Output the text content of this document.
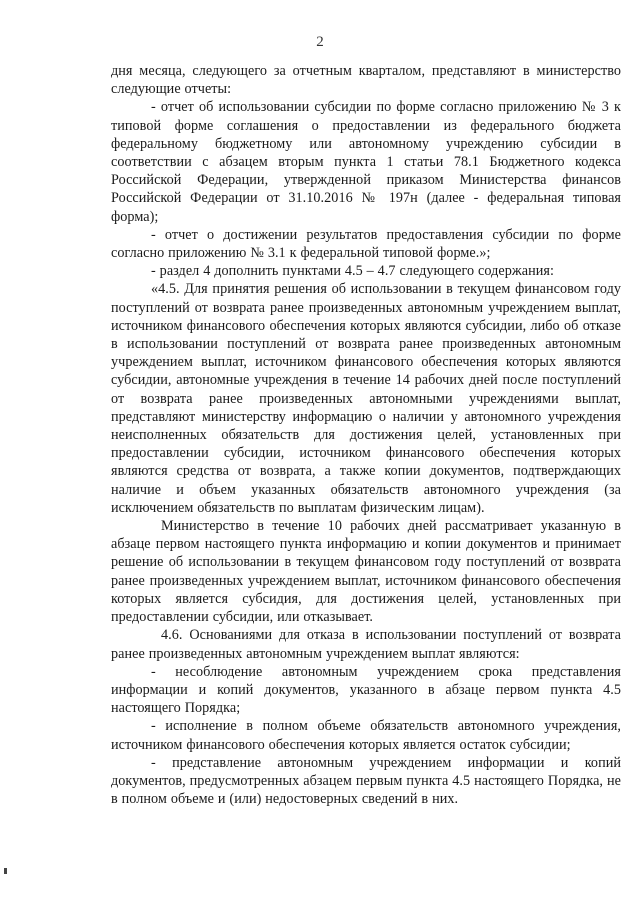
2

дня месяца, следующего за отчетным кварталом, представляют в министерство следующие отчеты:

- отчет об использовании субсидии по форме согласно приложению № 3 к типовой форме соглашения о предоставлении из федерального бюджета федеральному бюджетному или автономному учреждению субсидии в соответствии с абзацем вторым пункта 1 статьи 78.1 Бюджетного кодекса Российской Федерации, утвержденной приказом Министерства финансов Российской Федерации от 31.10.2016 № 197н (далее - федеральная типовая форма);

- отчет о достижении результатов предоставления субсидии по форме согласно приложению № 3.1 к федеральной типовой форме.»;

- раздел 4 дополнить пунктами 4.5 – 4.7 следующего содержания:

«4.5. Для принятия решения об использовании в текущем финансовом году поступлений от возврата ранее произведенных автономным учреждением выплат, источником финансового обеспечения которых являются субсидии, либо об отказе в использовании поступлений от возврата ранее произведенных автономным учреждением выплат, источником финансового обеспечения которых являются субсидии, автономные учреждения в течение 14 рабочих дней после поступлений от возврата ранее произведенных автономными учреждениями выплат, представляют министерству информацию о наличии у автономного учреждения неисполненных обязательств для достижения целей, установленных при предоставлении субсидии, источником финансового обеспечения которых являются средства от возврата, а также копии документов, подтверждающих наличие и объем указанных обязательств автономного учреждения (за исключением обязательств по выплатам физическим лицам).

Министерство в течение 10 рабочих дней рассматривает указанную в абзаце первом настоящего пункта информацию и копии документов и принимает решение об использовании в текущем финансовом году поступлений от возврата ранее произведенных учреждением выплат, источником финансового обеспечения которых является субсидия, для достижения целей, установленных при предоставлении субсидии, или отказывает.

4.6. Основаниями для отказа в использовании поступлений от возврата ранее произведенных автономным учреждением выплат являются:

- несоблюдение автономным учреждением срока представления информации и копий документов, указанного в абзаце первом пункта 4.5 настоящего Порядка;

- исполнение в полном объеме обязательств автономного учреждения, источником финансового обеспечения которых является остаток субсидии;

- представление автономным учреждением информации и копий документов, предусмотренных абзацем первым пункта 4.5 настоящего Порядка, не в полном объеме и (или) недостоверных сведений в них.
